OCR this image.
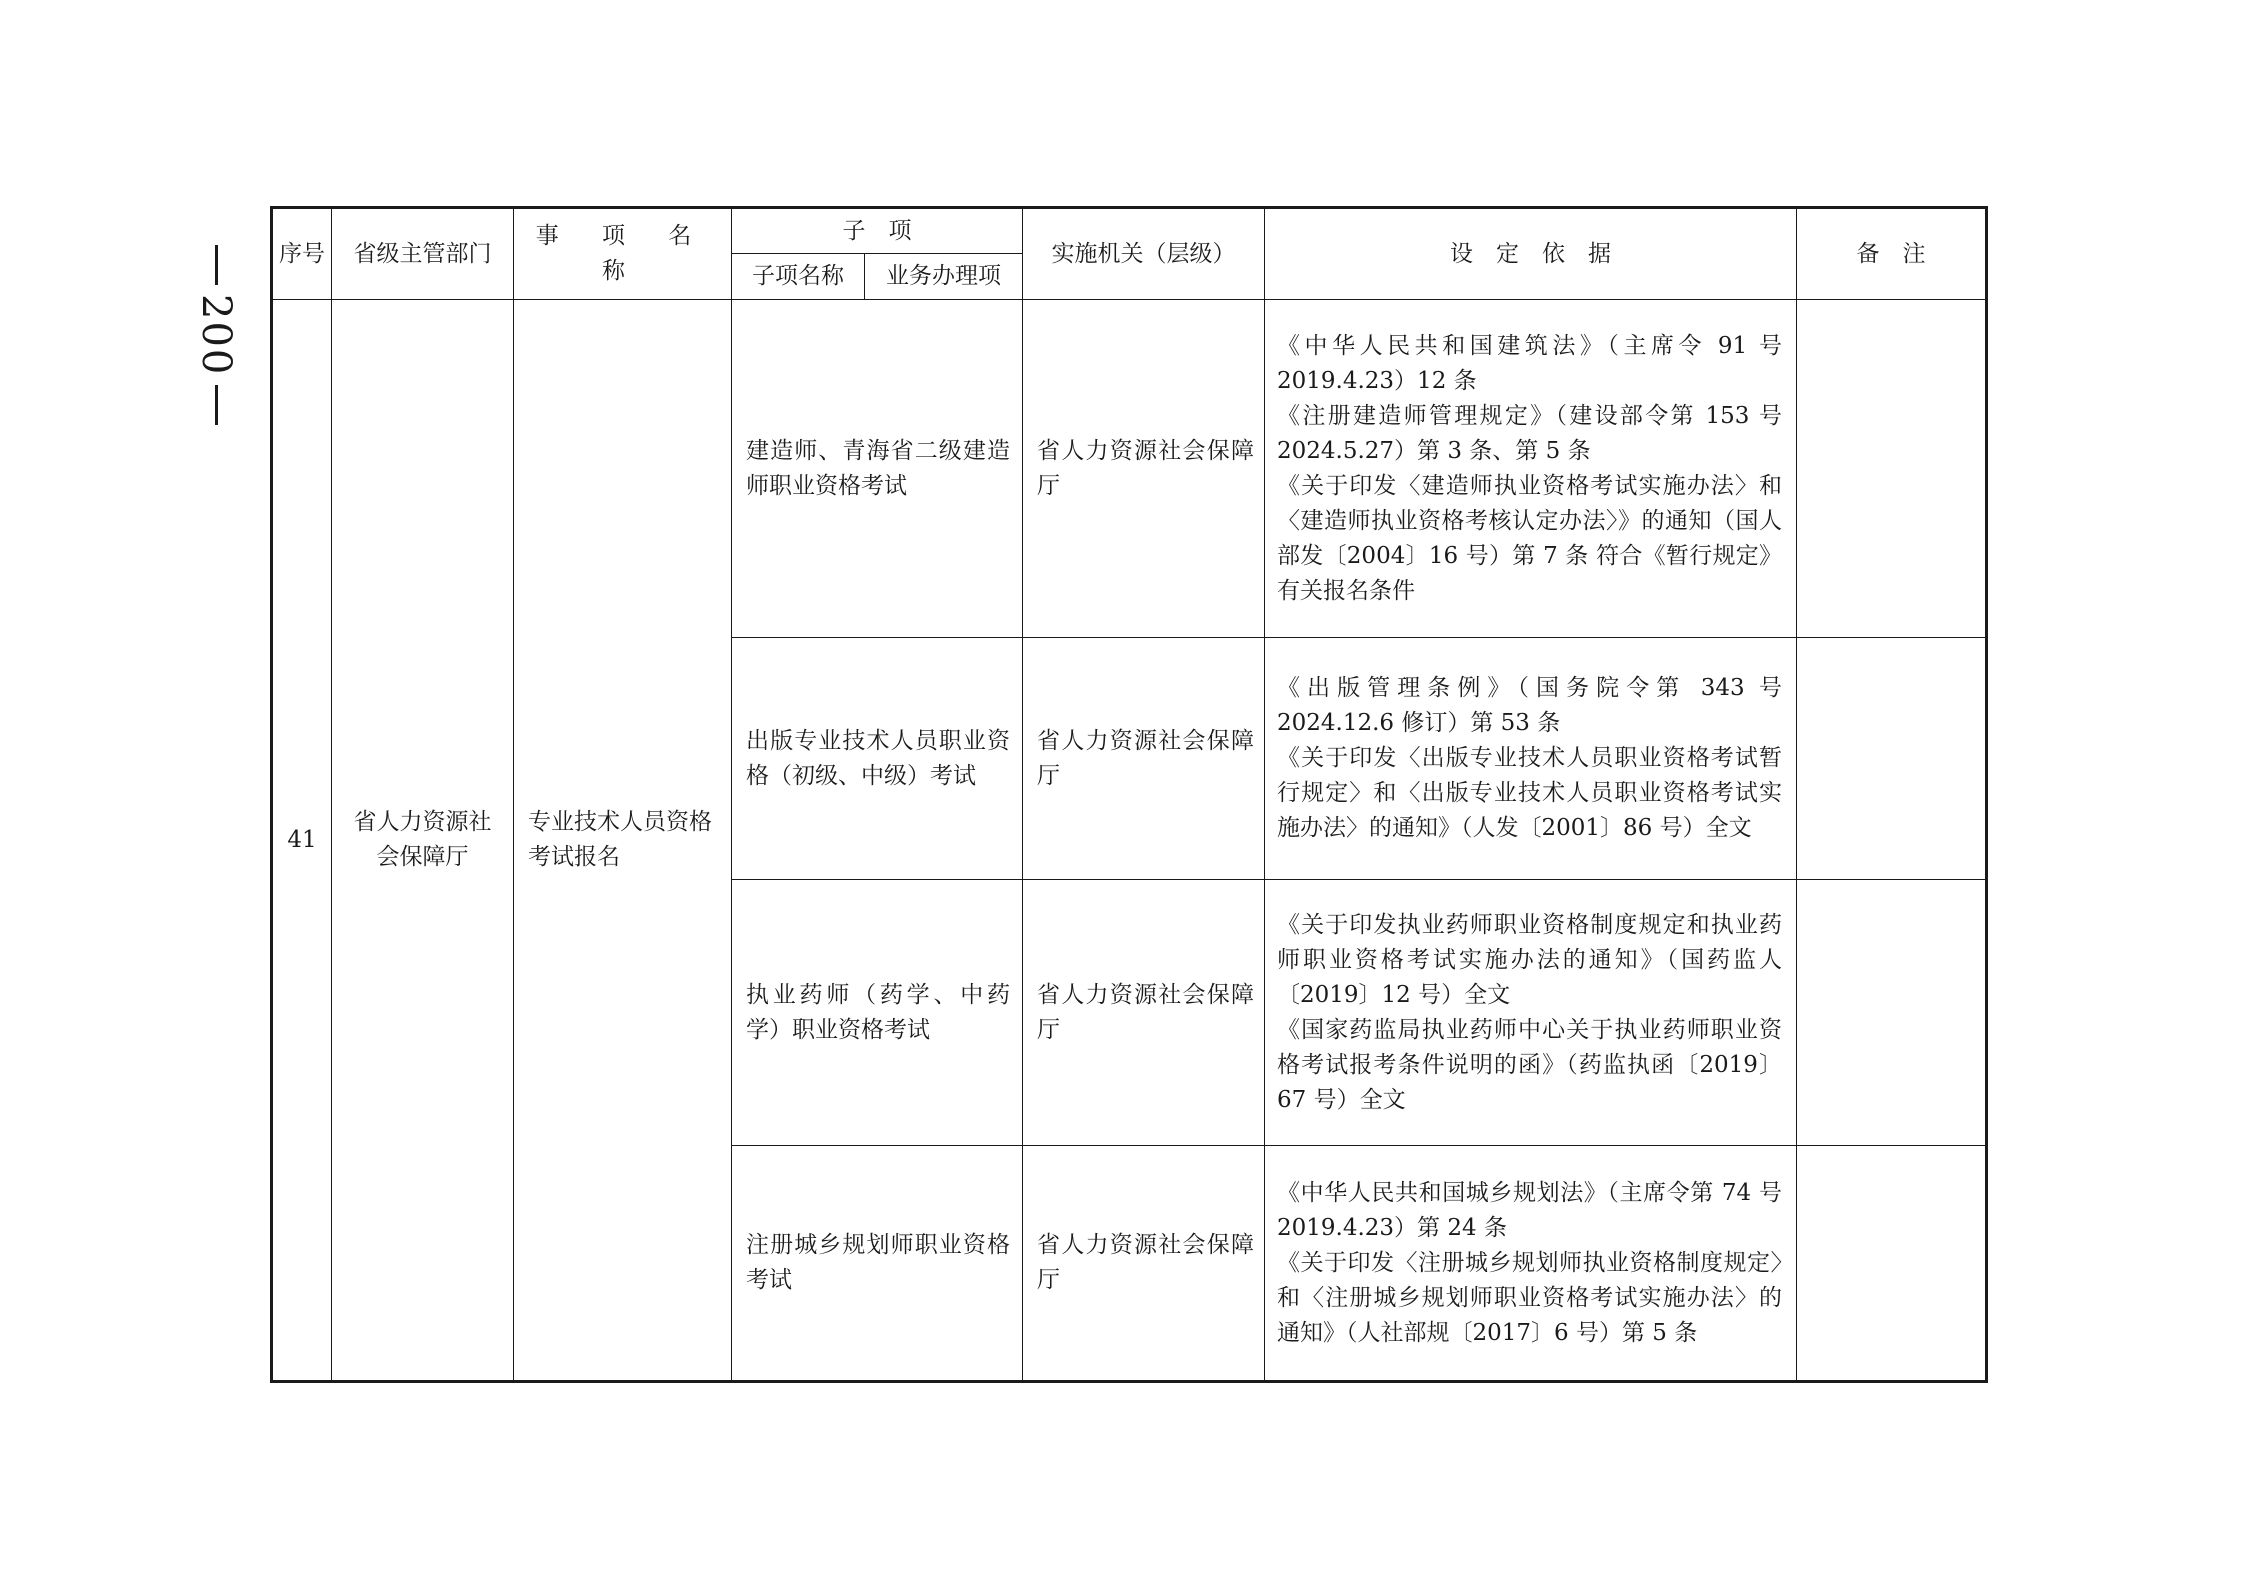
200
序号	省级主管部门	事 项 名 称	子　项		实施机关（层级）	设　定　依　据	备　注
			子项名称	业务办理项			
41	省人力资源社会保障厅	专业技术人员资格考试报名	建造师、青海省二级建造师职业资格考试		省人力资源社会保障厅	《中华人民共和国建筑法》（主席令 91 号 2019.4.23）12 条
《注册建造师管理规定》（建设部令第 153 号 2024.5.27）第 3 条、第 5 条
《关于印发〈建造师执业资格考试实施办法〉和〈建造师执业资格考核认定办法〉》的通知（国人部发〔2004〕16 号）第 7 条 符合《暂行规定》有关报名条件	
			出版专业技术人员职业资格（初级、中级）考试		省人力资源社会保障厅	《出版管理条例》（国务院令第 343 号 2024.12.6 修订）第 53 条
《关于印发〈出版专业技术人员职业资格考试暂行规定〉和〈出版专业技术人员职业资格考试实施办法〉的通知》（人发〔2001〕86 号）全文	
			执业药师（药学、中药学）职业资格考试		省人力资源社会保障厅	《关于印发执业药师职业资格制度规定和执业药师职业资格考试实施办法的通知》（国药监人〔2019〕12 号）全文
《国家药监局执业药师中心关于执业药师职业资格考试报考条件说明的函》（药监执函〔2019〕67 号）全文	
			注册城乡规划师职业资格考试		省人力资源社会保障厅	《中华人民共和国城乡规划法》（主席令第 74 号 2019.4.23）第 24 条
《关于印发〈注册城乡规划师执业资格制度规定〉和〈注册城乡规划师职业资格考试实施办法〉的通知》（人社部规〔2017〕6 号）第 5 条	
